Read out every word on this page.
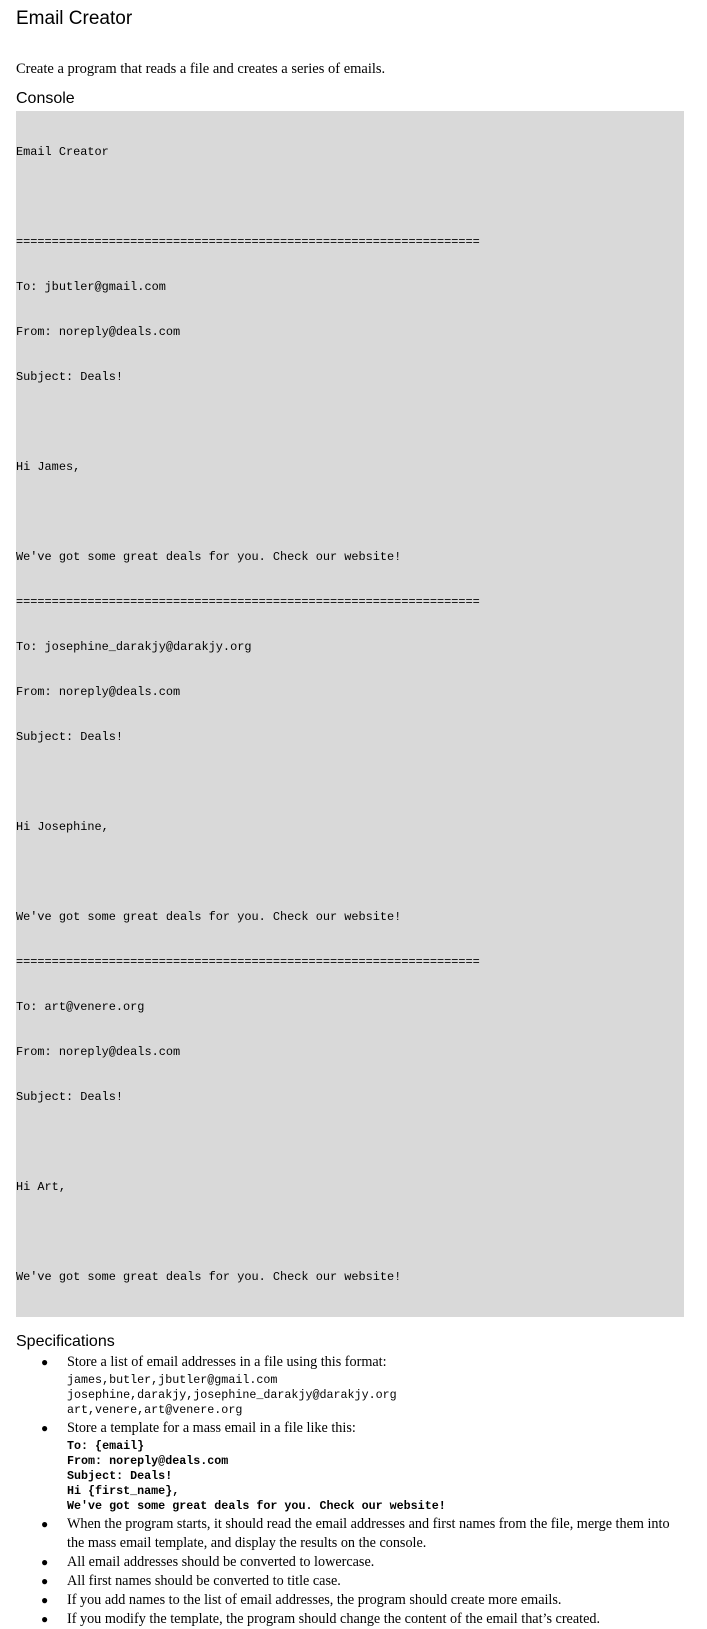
Email Creator

Create a program that reads a file and creates a series of emails.

Console

Email Creator

=================================================================

To: jbutler@gmail.com

From: noreply@deals.com

Subject: Deals!

Hi James,

We've got some great deals for you. Check our website!

=================================================================

To: josephine_darakjy@darakjy.org

From: noreply@deals.com

Subject: Deals!

Hi Josephine,

We've got some great deals for you. Check our website!

=================================================================

To: art@venere.org

From: noreply@deals.com

Subject: Deals!

Hi Art,

We've got some great deals for you. Check our website!

Specifications
● Store a list of email addresses in a file using this format:
james,butler,jbutler@gmail.com
josephine,darakjy,josephine_darakjy@darakjy.org
art,venere,art@venere.org
● Store a template for a mass email in a file like this:
To: {email}
From: noreply@deals.com
Subject: Deals!
Hi {first_name},
We've got some great deals for you. Check our website!
● When the program starts, it should read the email addresses and first names from the file, merge them into the mass email template, and display the results on the console.
● All email addresses should be converted to lowercase.
● All first names should be converted to title case.
● If you add names to the list of email addresses, the program should create more emails.
● If you modify the template, the program should change the content of the email that’s created.
